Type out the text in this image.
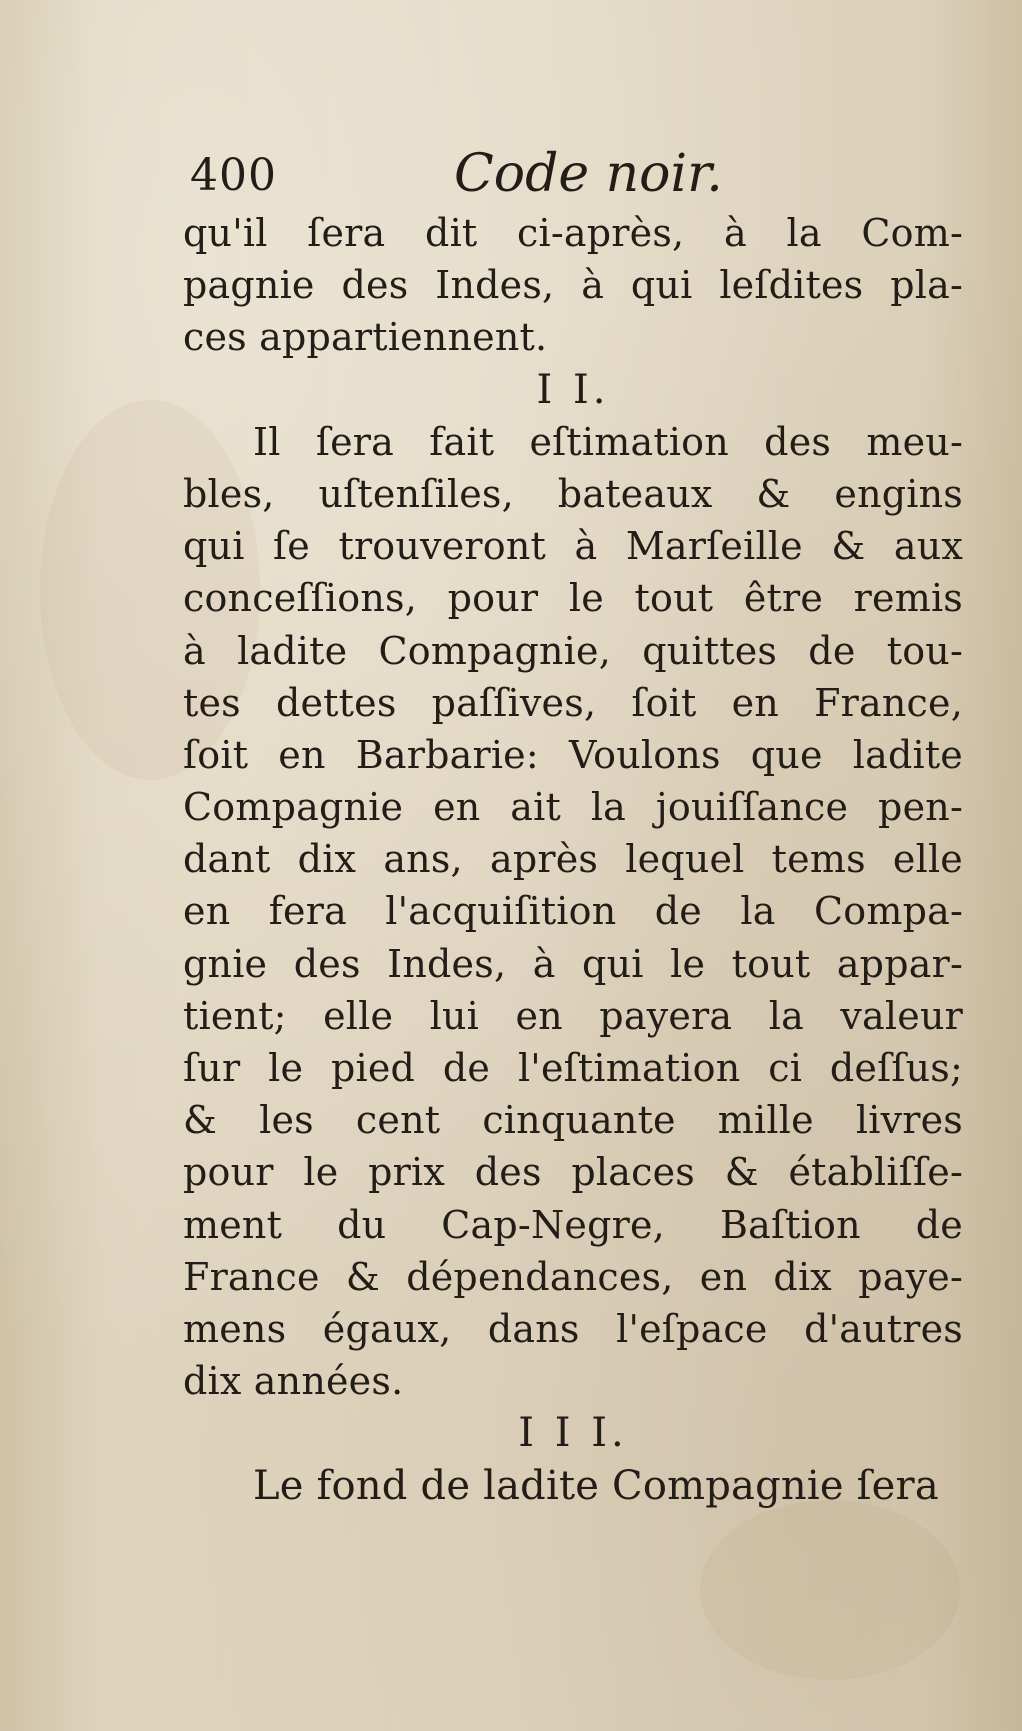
400	Code noir.
qu'il ſera dit ci-après, à la Com-
pagnie des Indes, à qui leſdites pla-
ces appartiennent.
I I.
Il ſera fait eſtimation des meu-
bles, uſtenſiles, bateaux & engins
qui ſe trouveront à Marſeille & aux
conceſſions, pour le tout être remis
à ladite Compagnie, quittes de tou-
tes dettes paſſives, ſoit en France,
ſoit en Barbarie: Voulons que ladite
Compagnie en ait la jouiſſance pen-
dant dix ans, après lequel tems elle
en fera l'acquiſition de la Compa-
gnie des Indes, à qui le tout appar-
tient; elle lui en payera la valeur
ſur le pied de l'eſtimation ci deſſus;
& les cent cinquante mille livres
pour le prix des places & établiſſe-
ment du Cap-Negre, Baſtion de
France & dépendances, en dix paye-
mens égaux, dans l'eſpace d'autres
dix années.
I I I.
Le fond de ladite Compagnie ſera
